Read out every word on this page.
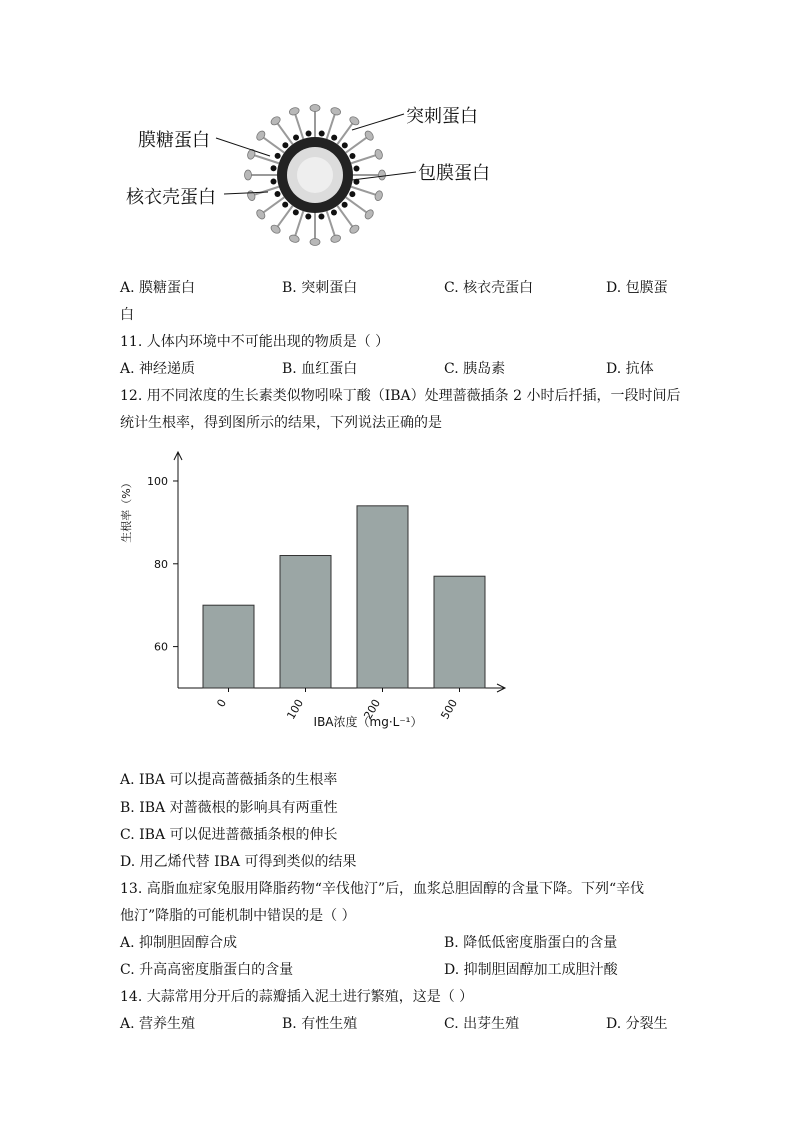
突刺蛋白
膜糖蛋白
包膜蛋白
核衣壳蛋白
A. 膜糖蛋白	B. 突刺蛋白	C. 核衣壳蛋白	D. 包膜蛋
白
11. 人体内环境中不可能出现的物质是（ ）
A. 神经递质	B. 血红蛋白	C. 胰岛素	D. 抗体
12. 用不同浓度的生长素类似物吲哚丁酸（IBA）处理蔷薇插条 2 小时后扦插，一段时间后
统计生根率，得到图所示的结果，下列说法正确的是
60
80
100
生根率（%）
0	100	200	500
IBA浓度（mg·L⁻¹）
A. IBA 可以提高蔷薇插条的生根率
B. IBA 对蔷薇根的影响具有两重性
C. IBA 可以促进蔷薇插条根的伸长
D. 用乙烯代替 IBA 可得到类似的结果
13. 高脂血症家兔服用降脂药物“辛伐他汀”后，血浆总胆固醇的含量下降。下列“辛伐
他汀”降脂的可能机制中错误的是（ ）
A. 抑制胆固醇合成	B. 降低低密度脂蛋白的含量
C. 升高高密度脂蛋白的含量	D. 抑制胆固醇加工成胆汁酸
14. 大蒜常用分开后的蒜瓣插入泥土进行繁殖，这是（ ）
A. 营养生殖	B. 有性生殖	C. 出芽生殖	D. 分裂生
